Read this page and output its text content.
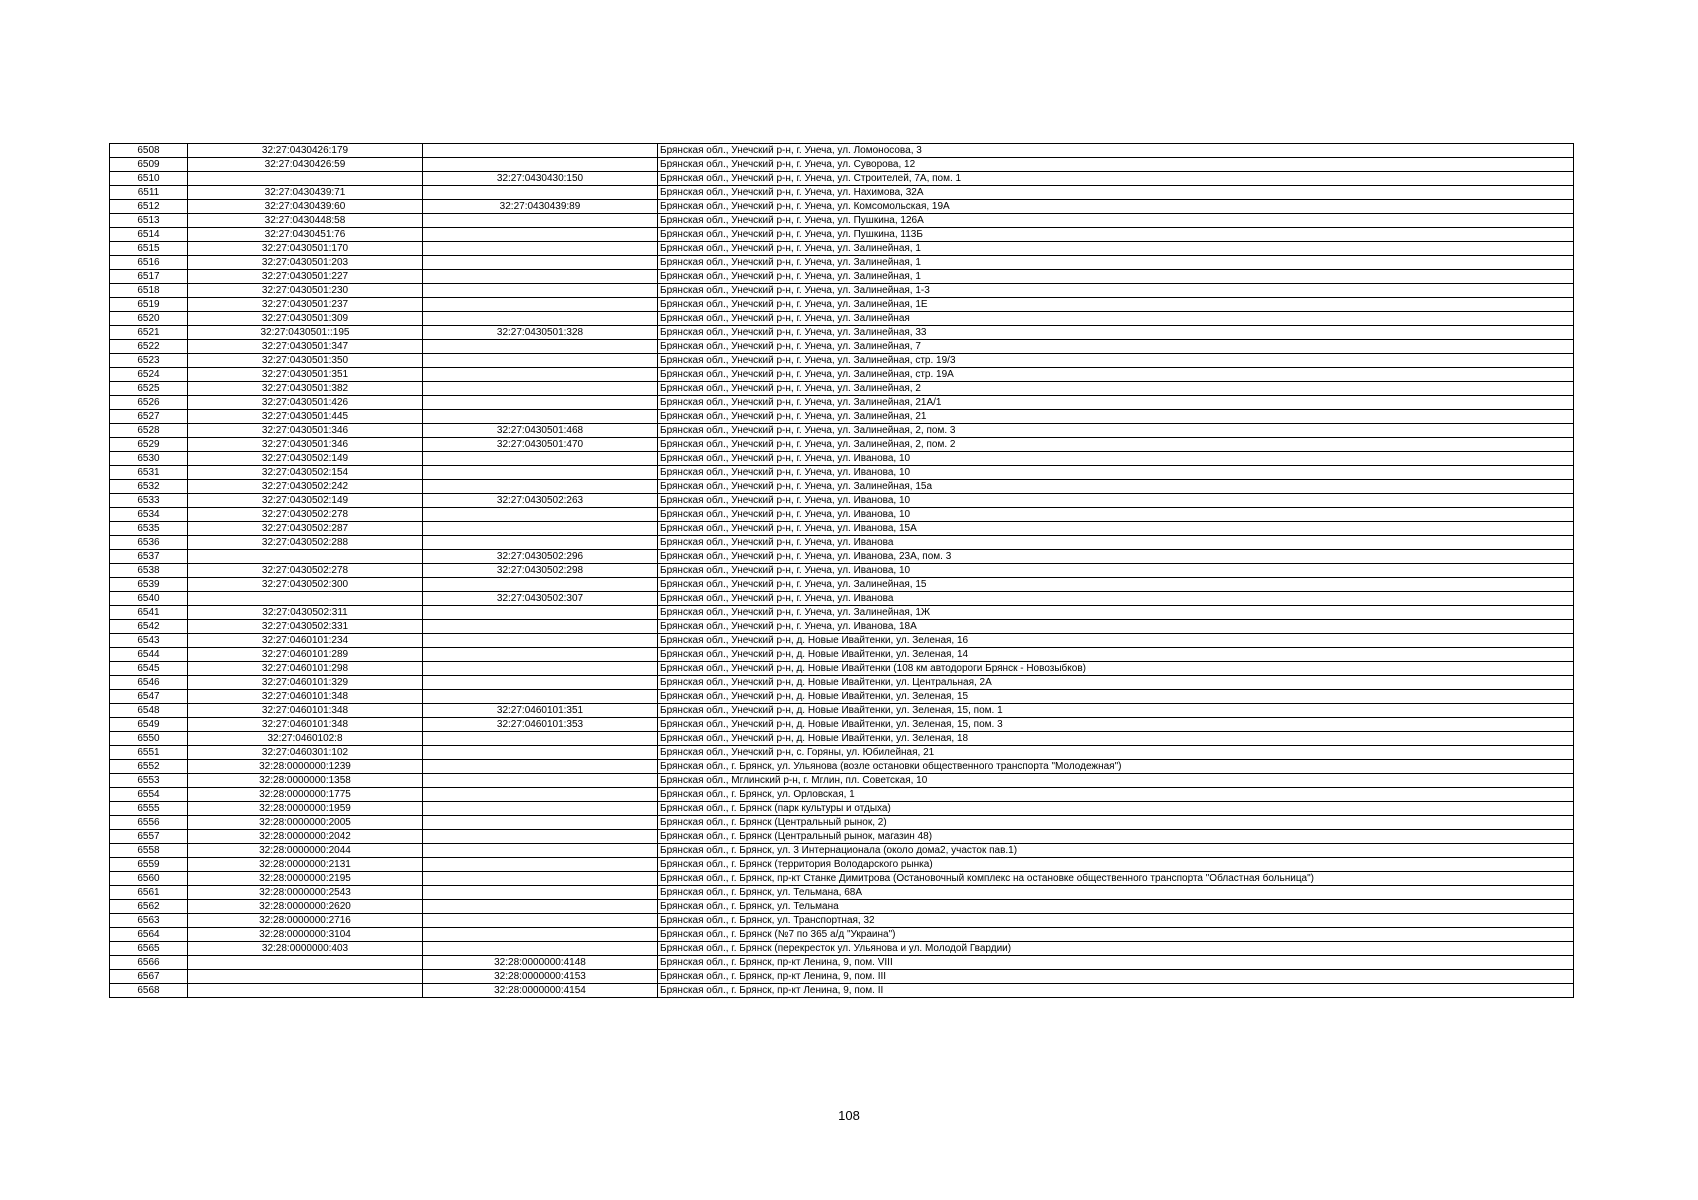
6508	32:27:0430426:179		Брянская обл., Унечский р-н, г. Унеча, ул. Ломоносова, 3
6509	32:27:0430426:59		Брянская обл., Унечский р-н, г. Унеча, ул. Суворова, 12
6510		32:27:0430430:150	Брянская обл., Унечский р-н, г. Унеча, ул. Строителей, 7А, пом. 1
6511	32:27:0430439:71		Брянская обл., Унечский р-н, г. Унеча, ул. Нахимова, 32А
6512	32:27:0430439:60	32:27:0430439:89	Брянская обл., Унечский р-н, г. Унеча, ул. Комсомольская, 19А
6513	32:27:0430448:58		Брянская обл., Унечский р-н, г. Унеча, ул. Пушкина, 126А
6514	32:27:0430451:76		Брянская обл., Унечский р-н, г. Унеча, ул. Пушкина, 113Б
6515	32:27:0430501:170		Брянская обл., Унечский р-н, г. Унеча, ул. Залинейная, 1
6516	32:27:0430501:203		Брянская обл., Унечский р-н, г. Унеча, ул. Залинейная, 1
6517	32:27:0430501:227		Брянская обл., Унечский р-н, г. Унеча, ул. Залинейная, 1
6518	32:27:0430501:230		Брянская обл., Унечский р-н, г. Унеча, ул. Залинейная, 1-3
6519	32:27:0430501:237		Брянская обл., Унечский р-н, г. Унеча, ул. Залинейная, 1Е
6520	32:27:0430501:309		Брянская обл., Унечский р-н, г. Унеча, ул. Залинейная
6521	32:27:0430501::195	32:27:0430501:328	Брянская обл., Унечский р-н, г. Унеча, ул. Залинейная, 33
6522	32:27:0430501:347		Брянская обл., Унечский р-н, г. Унеча, ул. Залинейная, 7
6523	32:27:0430501:350		Брянская обл., Унечский р-н, г. Унеча, ул. Залинейная, стр. 19/3
6524	32:27:0430501:351		Брянская обл., Унечский р-н, г. Унеча, ул. Залинейная, стр. 19А
6525	32:27:0430501:382		Брянская обл., Унечский р-н, г. Унеча, ул. Залинейная, 2
6526	32:27:0430501:426		Брянская обл., Унечский р-н, г. Унеча, ул. Залинейная, 21А/1
6527	32:27:0430501:445		Брянская обл., Унечский р-н, г. Унеча, ул. Залинейная, 21
6528	32:27:0430501:346	32:27:0430501:468	Брянская обл., Унечский р-н, г. Унеча, ул. Залинейная, 2, пом. 3
6529	32:27:0430501:346	32:27:0430501:470	Брянская обл., Унечский р-н, г. Унеча, ул. Залинейная, 2, пом. 2
6530	32:27:0430502:149		Брянская обл., Унечский р-н, г. Унеча, ул. Иванова, 10
6531	32:27:0430502:154		Брянская обл., Унечский р-н, г. Унеча, ул. Иванова, 10
6532	32:27:0430502:242		Брянская обл., Унечский р-н, г. Унеча, ул. Залинейная, 15а
6533	32:27:0430502:149	32:27:0430502:263	Брянская обл., Унечский р-н, г. Унеча, ул. Иванова, 10
6534	32:27:0430502:278		Брянская обл., Унечский р-н, г. Унеча, ул. Иванова, 10
6535	32:27:0430502:287		Брянская обл., Унечский р-н, г. Унеча, ул. Иванова, 15А
6536	32:27:0430502:288		Брянская обл., Унечский р-н, г. Унеча, ул. Иванова
6537		32:27:0430502:296	Брянская обл., Унечский р-н, г. Унеча, ул. Иванова, 23А, пом. 3
6538	32:27:0430502:278	32:27:0430502:298	Брянская обл., Унечский р-н, г. Унеча, ул. Иванова, 10
6539	32:27:0430502:300		Брянская обл., Унечский р-н, г. Унеча, ул. Залинейная, 15
6540		32:27:0430502:307	Брянская обл., Унечский р-н, г. Унеча, ул. Иванова
6541	32:27:0430502:311		Брянская обл., Унечский р-н, г. Унеча, ул. Залинейная, 1Ж
6542	32:27:0430502:331		Брянская обл., Унечский р-н, г. Унеча, ул. Иванова, 18А
6543	32:27:0460101:234		Брянская обл., Унечский р-н, д. Новые Ивайтенки, ул. Зеленая, 16
6544	32:27:0460101:289		Брянская обл., Унечский р-н, д. Новые Ивайтенки, ул. Зеленая, 14
6545	32:27:0460101:298		Брянская обл., Унечский р-н, д. Новые Ивайтенки (108 км автодороги Брянск - Новозыбков)
6546	32:27:0460101:329		Брянская обл., Унечский р-н, д. Новые Ивайтенки, ул. Центральная, 2А
6547	32:27:0460101:348		Брянская обл., Унечский р-н, д. Новые Ивайтенки, ул. Зеленая, 15
6548	32:27:0460101:348	32:27:0460101:351	Брянская обл., Унечский р-н, д. Новые Ивайтенки, ул. Зеленая, 15, пом. 1
6549	32:27:0460101:348	32:27:0460101:353	Брянская обл., Унечский р-н, д. Новые Ивайтенки, ул. Зеленая, 15, пом. 3
6550	32:27:0460102:8		Брянская обл., Унечский р-н, д. Новые Ивайтенки, ул. Зеленая, 18
6551	32:27:0460301:102		Брянская обл., Унечский р-н, с. Горяны, ул. Юбилейная, 21
6552	32:28:0000000:1239		Брянская обл., г. Брянск, ул. Ульянова (возле остановки общественного транспорта "Молодежная")
6553	32:28:0000000:1358		Брянская обл., Мглинский р-н, г. Мглин, пл. Советская, 10
6554	32:28:0000000:1775		Брянская обл., г. Брянск, ул. Орловская, 1
6555	32:28:0000000:1959		Брянская обл., г. Брянск (парк культуры и отдыха)
6556	32:28:0000000:2005		Брянская обл., г. Брянск (Центральный рынок, 2)
6557	32:28:0000000:2042		Брянская обл., г. Брянск (Центральный рынок, магазин 48)
6558	32:28:0000000:2044		Брянская обл., г. Брянск, ул. 3 Интернационала (около дома2, участок пав.1)
6559	32:28:0000000:2131		Брянская обл., г. Брянск (территория Володарского рынка)
6560	32:28:0000000:2195		Брянская обл., г. Брянск, пр-кт Станке Димитрова (Остановочный комплекс на остановке общественного транспорта "Областная больница")
6561	32:28:0000000:2543		Брянская обл., г. Брянск, ул. Тельмана, 68А
6562	32:28:0000000:2620		Брянская обл., г. Брянск, ул. Тельмана
6563	32:28:0000000:2716		Брянская обл., г. Брянск, ул. Транспортная, 32
6564	32:28:0000000:3104		Брянская обл., г. Брянск (№7 по 365 а/д "Украина")
6565	32:28:0000000:403		Брянская обл., г. Брянск (перекресток ул. Ульянова и ул. Молодой Гвардии)
6566		32:28:0000000:4148	Брянская обл., г. Брянск, пр-кт Ленина, 9, пом. VIII
6567		32:28:0000000:4153	Брянская обл., г. Брянск, пр-кт Ленина, 9, пом. III
6568		32:28:0000000:4154	Брянская обл., г. Брянск, пр-кт Ленина, 9, пом. II
108
